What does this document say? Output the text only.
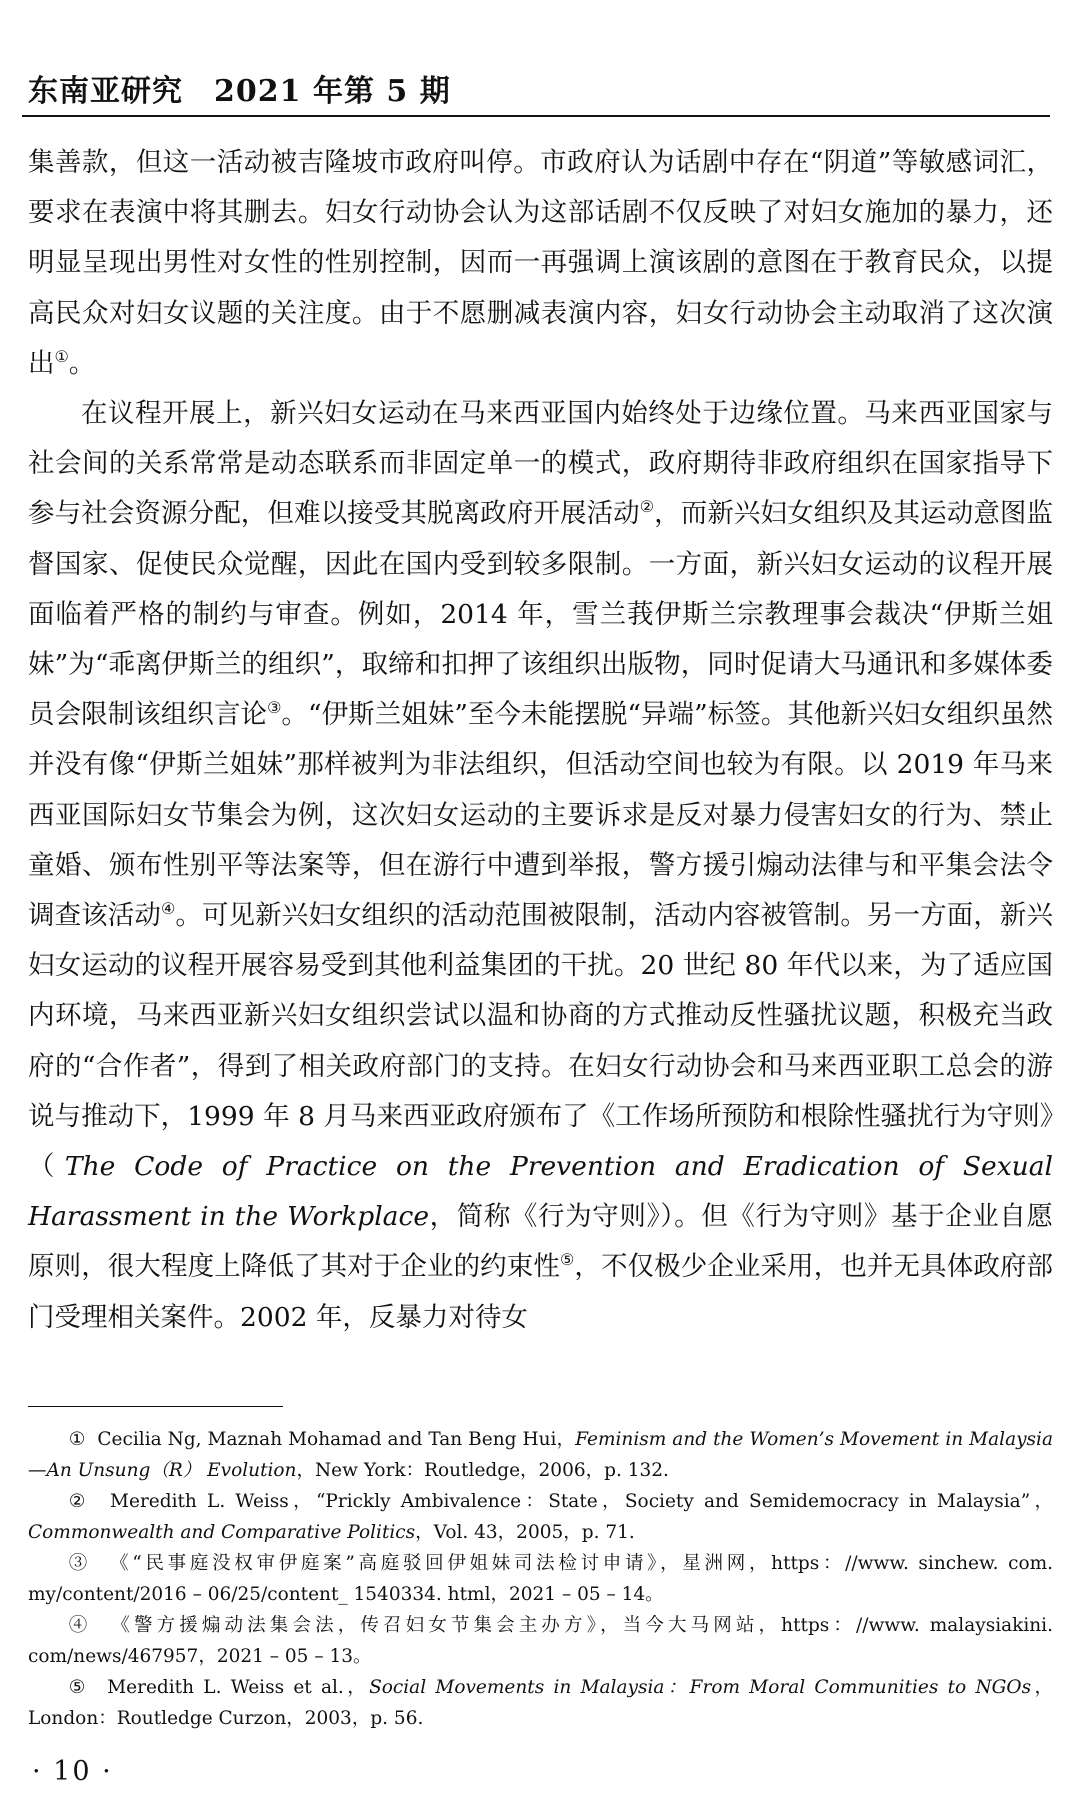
东南亚研究　2021 年第 5 期

集善款，但这一活动被吉隆坡市政府叫停。市政府认为话剧中存在“阴道”等敏感词汇，要求在表演中将其删去。妇女行动协会认为这部话剧不仅反映了对妇女施加的暴力，还明显呈现出男性对女性的性别控制，因而一再强调上演该剧的意图在于教育民众，以提高民众对妇女议题的关注度。由于不愿删减表演内容，妇女行动协会主动取消了这次演出①。

在议程开展上，新兴妇女运动在马来西亚国内始终处于边缘位置。马来西亚国家与社会间的关系常常是动态联系而非固定单一的模式，政府期待非政府组织在国家指导下参与社会资源分配，但难以接受其脱离政府开展活动②，而新兴妇女组织及其运动意图监督国家、促使民众觉醒，因此在国内受到较多限制。一方面，新兴妇女运动的议程开展面临着严格的制约与审查。例如，2014 年，雪兰莪伊斯兰宗教理事会裁决“伊斯兰姐妹”为“乖离伊斯兰的组织”，取缔和扣押了该组织出版物，同时促请大马通讯和多媒体委员会限制该组织言论③。“伊斯兰姐妹”至今未能摆脱“异端”标签。其他新兴妇女组织虽然并没有像“伊斯兰姐妹”那样被判为非法组织，但活动空间也较为有限。以 2019 年马来西亚国际妇女节集会为例，这次妇女运动的主要诉求是反对暴力侵害妇女的行为、禁止童婚、颁布性别平等法案等，但在游行中遭到举报，警方援引煽动法律与和平集会法令调查该活动④。可见新兴妇女组织的活动范围被限制，活动内容被管制。另一方面，新兴妇女运动的议程开展容易受到其他利益集团的干扰。20 世纪 80 年代以来，为了适应国内环境，马来西亚新兴妇女组织尝试以温和协商的方式推动反性骚扰议题，积极充当政府的“合作者”，得到了相关政府部门的支持。在妇女行动协会和马来西亚职工总会的游说与推动下，1999 年 8 月马来西亚政府颁布了《工作场所预防和根除性骚扰行为守则》（The Code of Practice on the Prevention and Eradication of Sexual Harassment in the Workplace，简称《行为守则》）。但《行为守则》基于企业自愿原则，很大程度上降低了其对于企业的约束性⑤，不仅极少企业采用，也并无具体政府部门受理相关案件。2002 年，反暴力对待女

① Cecilia Ng, Maznah Mohamad and Tan Beng Hui，Feminism and the Women’s Movement in Malaysia—An Unsung（R） Evolution，New York：Routledge，2006，p. 132.

② Meredith L. Weiss，“Prickly Ambivalence：State，Society and Semidemocracy in Malaysia”，Commonwealth and Comparative Politics，Vol. 43，2005，p. 71.

③ 《“民事庭没权审伊庭案”高庭驳回伊姐妹司法检讨申请》，星洲网，https：//www. sinchew. com. my/content/2016 – 06/25/content_ 1540334. html，2021 – 05 – 14。

④ 《警方援煽动法集会法，传召妇女节集会主办方》，当今大马网站，https：//www. malaysiakini. com/news/467957，2021 – 05 – 13。

⑤ Meredith L. Weiss et al.，Social Movements in Malaysia：From Moral Communities to NGOs，London：Routledge Curzon，2003，p. 56.

· 10 ·
